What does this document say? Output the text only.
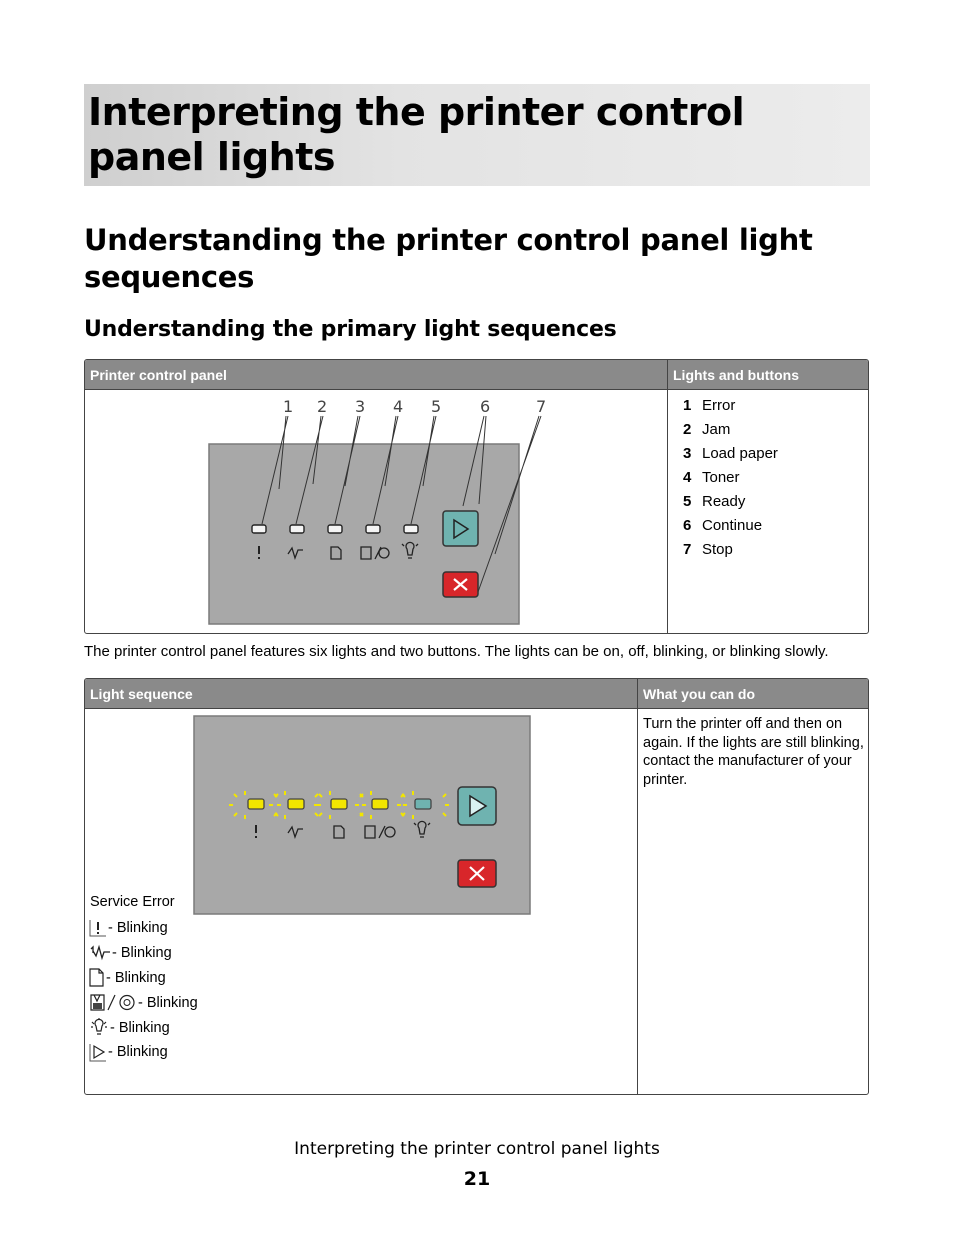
Interpreting the printer control panel lights
Understanding the printer control panel light sequences
Understanding the primary light sequences
Printer control panel	Lights and buttons
1 2 3 4 5 6	7	1 Error
2 Jam
3 Load paper
4 Toner
5 Ready
6 Continue
7 Stop

The printer control panel features six lights and two buttons. The lights can be on, off, blinking, or blinking slowly.

Light sequence	What you can do
Service Error
- Blinking
- Blinking
- Blinking
- Blinking
- Blinking
- Blinking

Turn the printer off and then on again. If the lights are still blinking, contact the manufacturer of your printer.

Interpreting the printer control panel lights
21
